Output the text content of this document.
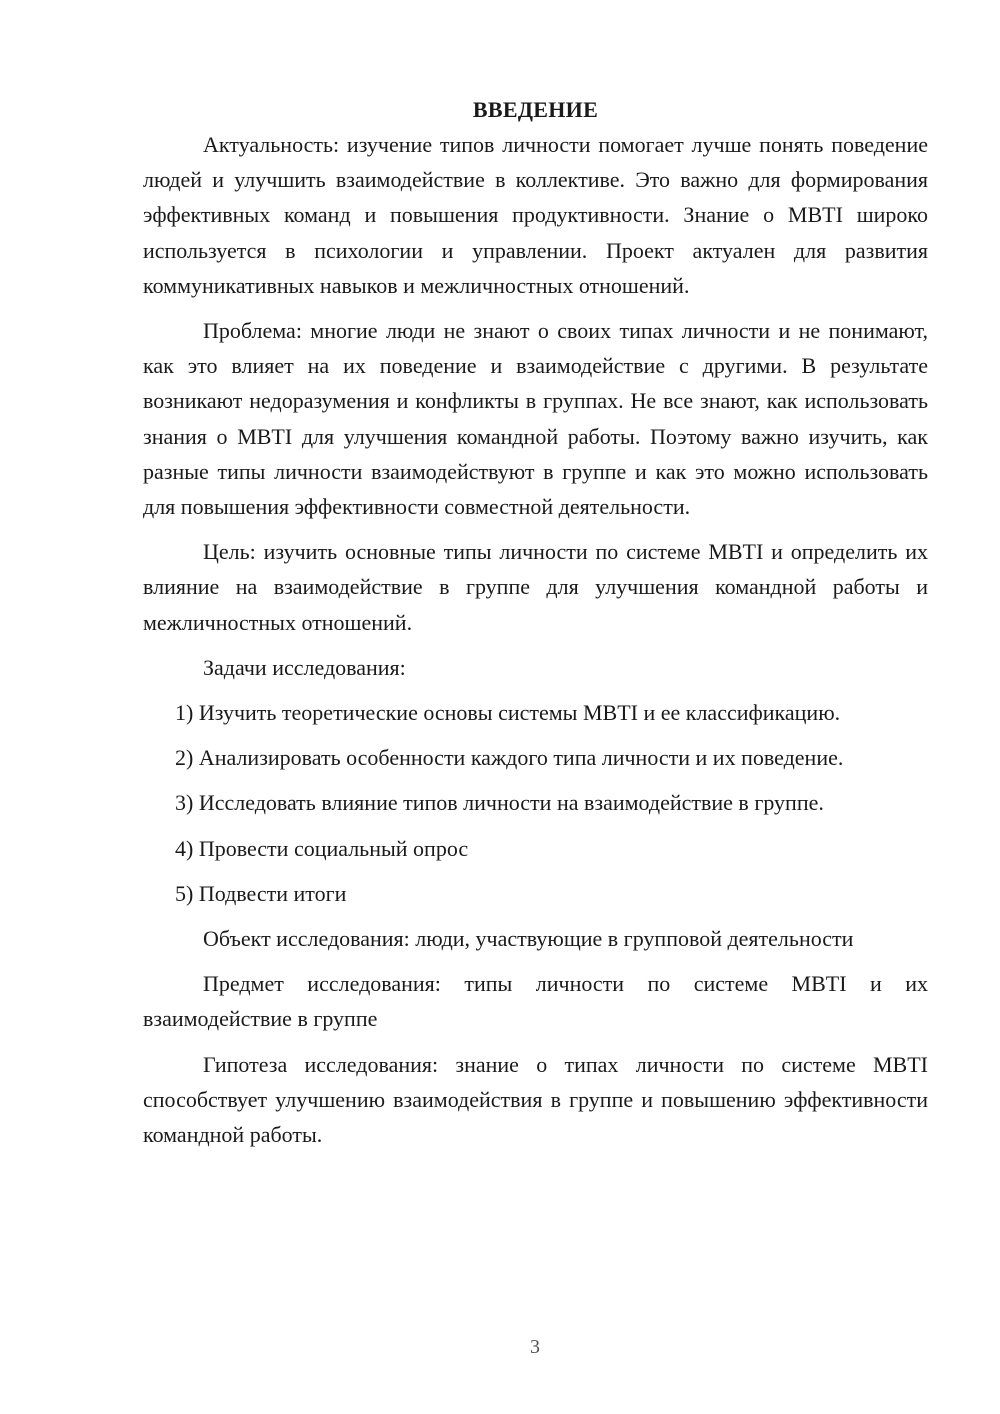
ВВЕДЕНИЕ

Актуальность: изучение типов личности помогает лучше понять поведение людей и улучшить взаимодействие в коллективе. Это важно для формирования эффективных команд и повышения продуктивности. Знание о MBTI широко используется в психологии и управлении. Проект актуален для развития коммуникативных навыков и межличностных отношений.

Проблема: многие люди не знают о своих типах личности и не понимают, как это влияет на их поведение и взаимодействие с другими. В результате возникают недоразумения и конфликты в группах. Не все знают, как использовать знания о MBTI для улучшения командной работы. Поэтому важно изучить, как разные типы личности взаимодействуют в группе и как это можно использовать для повышения эффективности совместной деятельности.

Цель: изучить основные типы личности по системе MBTI и определить их влияние на взаимодействие в группе для улучшения командной работы и межличностных отношений.

Задачи исследования:

1) Изучить теоретические основы системы MBTI и ее классификацию.
2) Анализировать особенности каждого типа личности и их поведение.
3) Исследовать влияние типов личности на взаимодействие в группе.
4) Провести социальный опрос
5) Подвести итоги

Объект исследования: люди, участвующие в групповой деятельности

Предмет исследования: типы личности по системе MBTI и их взаимодействие в группе

Гипотеза исследования: знание о типах личности по системе MBTI способствует улучшению взаимодействия в группе и повышению эффективности командной работы.

3
